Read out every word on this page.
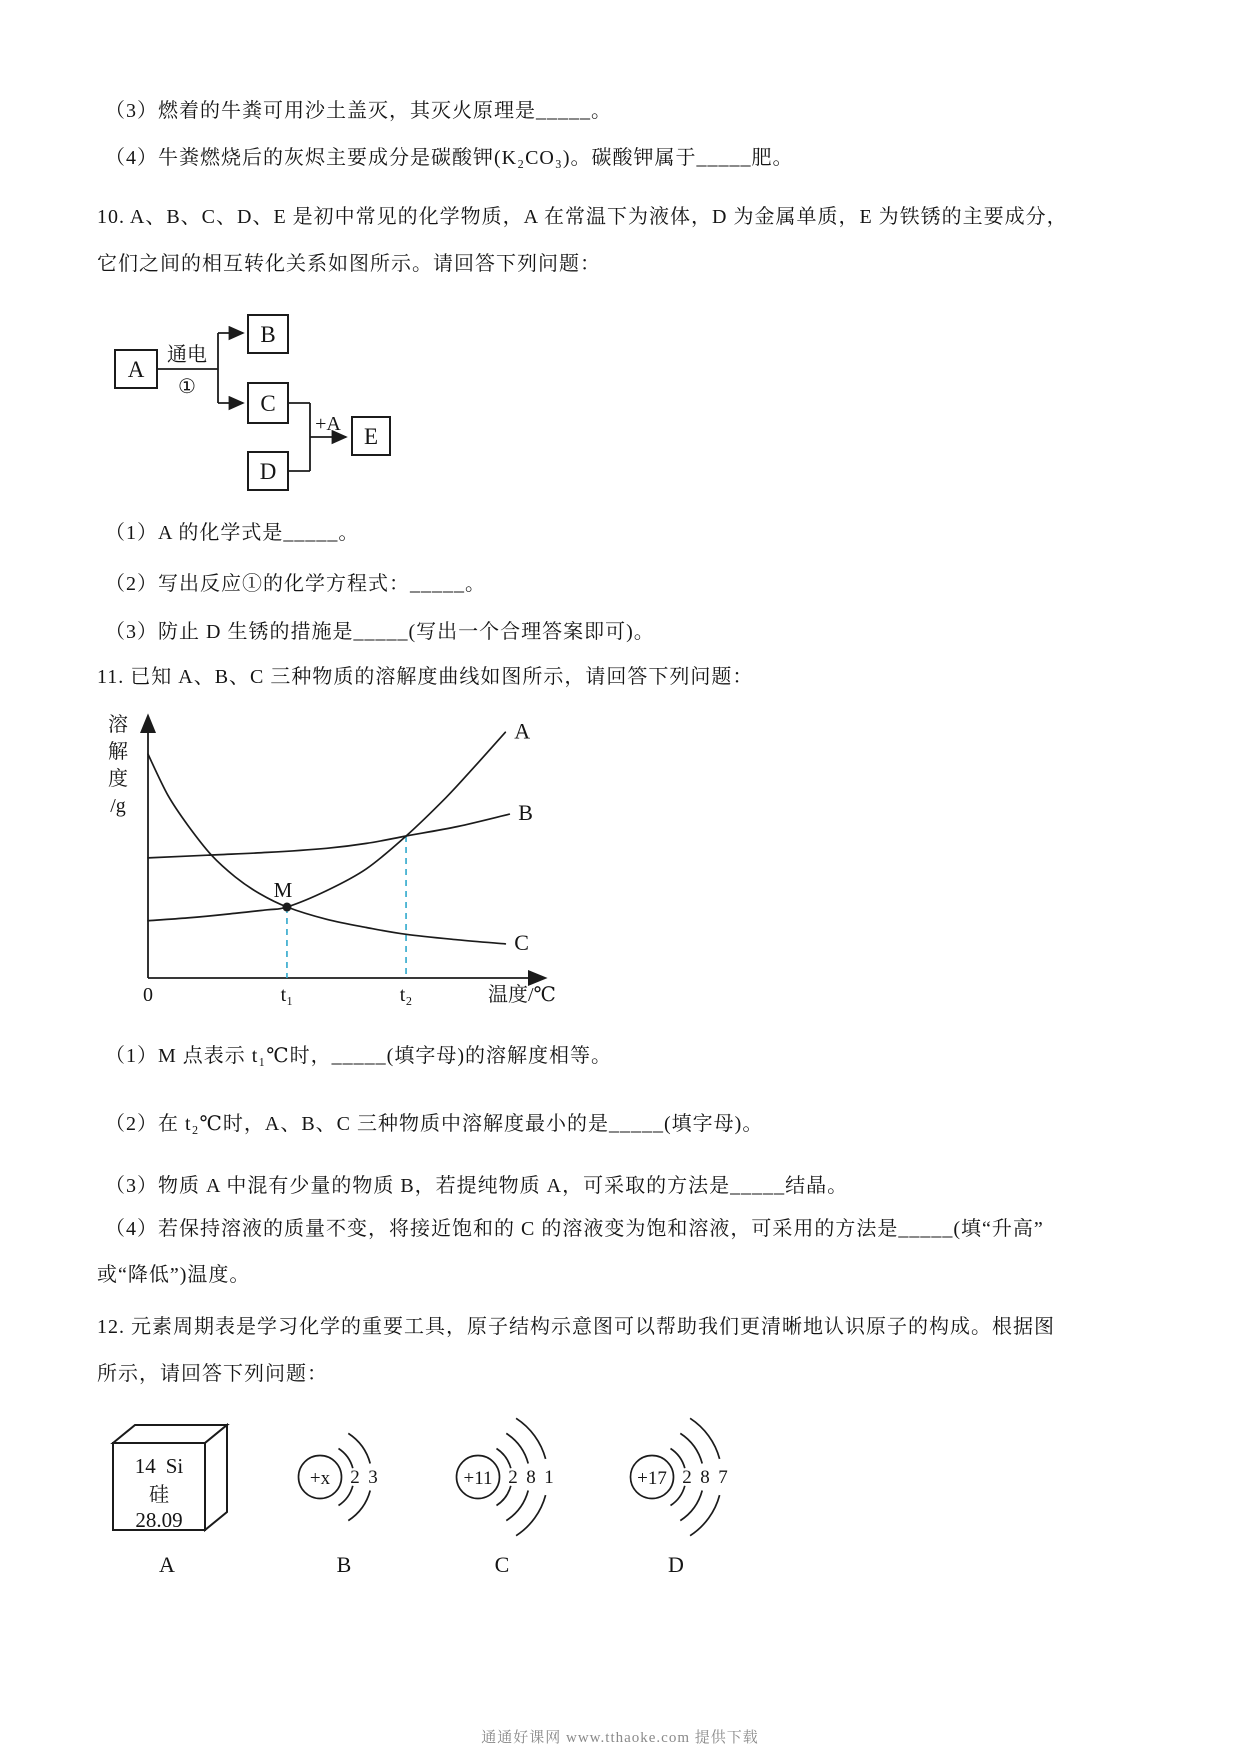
（3）燃着的牛粪可用沙土盖灭，其灭火原理是_____。
（4）牛粪燃烧后的灰烬主要成分是碳酸钾(K₂CO₃)。碳酸钾属于_____肥。
10. A、B、C、D、E 是初中常见的化学物质，A 在常温下为液体，D 为金属单质，E 为铁锈的主要成分，
它们之间的相互转化关系如图所示。请回答下列问题：
A
B
C
D
E
通电
①
+A
（1）A 的化学式是_____。
（2）写出反应①的化学方程式：_____。
（3）防止 D 生锈的措施是_____(写出一个合理答案即可)。
11. 已知 A、B、C 三种物质的溶解度曲线如图所示，请回答下列问题：
A
B
C
M
0	t₁	t₂	温度/℃
溶
解
度
/g
（1）M 点表示 t₁℃时，_____(填字母)的溶解度相等。
（2）在 t₂℃时，A、B、C 三种物质中溶解度最小的是_____(填字母)。
（3）物质 A 中混有少量的物质 B，若提纯物质 A，可采取的方法是_____结晶。
（4）若保持溶液的质量不变，将接近饱和的 C 的溶液变为饱和溶液，可采用的方法是_____(填“升高”
或“降低”)温度。
12. 元素周期表是学习化学的重要工具，原子结构示意图可以帮助我们更清晰地认识原子的构成。根据图
所示，请回答下列问题：
14 Si
硅
28.09
A
+x 2 3
B
+11 2 8 1
C
+17 2 8 7
D
通通好课网 www.tthaoke.com 提供下载
